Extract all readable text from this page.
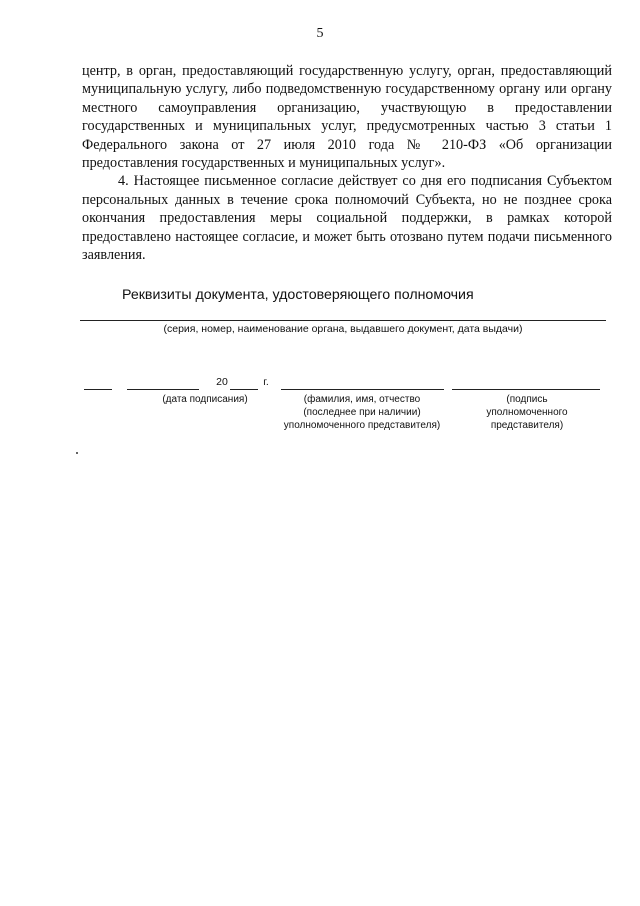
5

центр, в орган, предоставляющий государственную услугу, орган, предоставляющий муниципальную услугу, либо подведомственную государственному органу или органу местного самоуправления организацию, участвующую в предоставлении государственных и муниципальных услуг, предусмотренных частью 3 статьи 1 Федерального закона от 27 июля 2010 года № 210-ФЗ «Об организации предоставления государственных и муниципальных услуг».

4. Настоящее письменное согласие действует со дня его подписания Субъектом персональных данных в течение срока полномочий Субъекта, но не позднее срока окончания предоставления меры социальной поддержки, в рамках которой предоставлено настоящее согласие, и может быть отозвано путем подачи письменного заявления.

Реквизиты документа, удостоверяющего полномочия
(серия, номер, наименование органа, выдавшего документ, дата выдачи)
20	г.
(дата подписания)	(фамилия, имя, отчество
(последнее при наличии)
уполномоченного представителя)
(подпись
уполномоченного
представителя)
